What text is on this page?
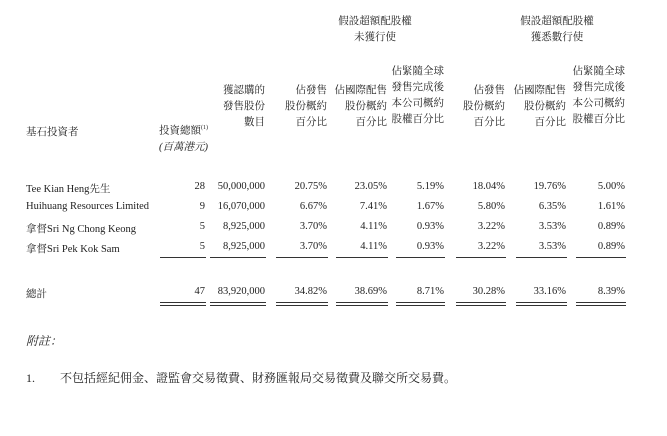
假設超額配股權
未獲行使
假設超額配股權
獲悉數行使
基石投資者	投資總額$^{(1)}$
(百萬港元)
獲認購的
發售股份
數目
佔發售
股份概約
百分比
佔國際配售
股份概約
百分比
佔緊隨全球
發售完成後
本公司概約
股權百分比
佔發售
股份概約
百分比
佔國際配售
股份概約
百分比
佔緊隨全球
發售完成後
本公司概約
股權百分比
Tee Kian Heng先生	28	50,000,000	20.75%	23.05%	5.19%	18.04%	19.76%	5.00%
Huihuang Resources Limited	9	16,070,000	6.67%	7.41%	1.67%	5.80%	6.35%	1.61%
拿督Sri Ng Chong Keong	5	8,925,000	3.70%	4.11%	0.93%	3.22%	3.53%	0.89%
拿督Sri Pek Kok Sam	5	8,925,000	3.70%	4.11%	0.93%	3.22%	3.53%	0.89%
總計	47	83,920,000	34.82%	38.69%	8.71%	30.28%	33.16%	8.39%
附註：
1. 不包括經紀佣金、證監會交易徵費、財務匯報局交易徵費及聯交所交易費。
